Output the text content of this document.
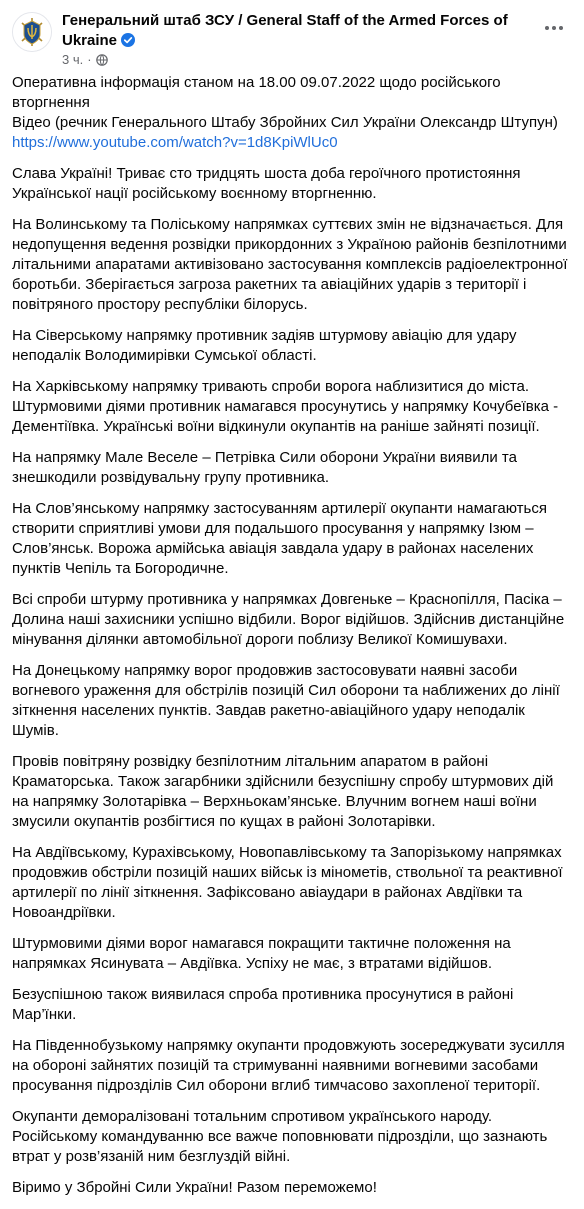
Генеральний штаб ЗСУ / General Staff of the Armed Forces of Ukraine
3 ч. ·

Оперативна інформація станом на 18.00 09.07.2022 щодо російського вторгнення
Відео (речник Генерального Штабу Збройних Сил України Олександр Штупун)
https://www.youtube.com/watch?v=1d8KpiWlUc0

Слава Україні! Триває сто тридцять шоста доба героїчного протистояння Української нації російському воєнному вторгненню.

На Волинському та Поліському напрямках суттєвих змін не відзначається. Для недопущення ведення розвідки прикордонних з Україною районів безпілотними літальними апаратами активізовано застосування комплексів радіоелектронної боротьби. Зберігається загроза ракетних та авіаційних ударів з території і повітряного простору республіки білорусь.

На Сіверському напрямку противник задіяв штурмову авіацію для удару неподалік Володимирівки Сумської області.

На Харківському напрямку тривають спроби ворога наблизитися до міста. Штурмовими діями противник намагався просунутись у напрямку Кочубеївка - Дементіївка. Українські воїни відкинули окупантів на раніше зайняті позиції.

На напрямку Мале Веселе – Петрівка Сили оборони України виявили та знешкодили розвідувальну групу противника.

На Слов’янському напрямку застосуванням артилерії окупанти намагаються створити сприятливі умови для подальшого просування у напрямку Ізюм – Слов’янськ. Ворожа армійська авіація завдала удару в районах населених пунктів Чепіль та Богородичне.

Всі спроби штурму противника у напрямках Довгеньке – Краснопілля, Пасіка – Долина наші захисники успішно відбили. Ворог відійшов. Здійснив дистанційне мінування ділянки автомобільної дороги поблизу Великої Комишувахи.

На Донецькому напрямку ворог продовжив застосовувати наявні засоби вогневого ураження для обстрілів позицій Сил оборони та наближених до лінії зіткнення населених пунктів. Завдав ракетно-авіаційного удару неподалік Шумів.

Провів повітряну розвідку безпілотним літальним апаратом в районі Краматорська. Також загарбники здійснили безуспішну спробу штурмових дій на напрямку Золотарівка – Верхньокам’янське. Влучним вогнем наші воїни змусили окупантів розбігтися по кущах в районі Золотарівки.

На Авдіївському, Курахівському, Новопавлівському та Запорізькому напрямках продовжив обстріли позицій наших військ із мінометів, ствольної та реактивної артилерії по лінії зіткнення. Зафіксовано авіаудари в районах Авдіївки та Новоандріївки.

Штурмовими діями ворог намагався покращити тактичне положення на напрямках Ясинувата – Авдіївка. Успіху не має, з втратами відійшов.

Безуспішною також виявилася спроба противника просунутися в районі Мар’їнки.

На Південнобузькому напрямку окупанти продовжують зосереджувати зусилля на обороні зайнятих позицій та стримуванні наявними вогневими засобами просування підрозділів Сил оборони вглиб тимчасово захопленої території.

Окупанти деморалізовані тотальним спротивом українського народу. Російському командуванню все важче поповнювати підрозділи, що зазнають втрат у розв’язаній ним безглуздій війні.

Віримо у Збройні Сили України! Разом переможемо!
